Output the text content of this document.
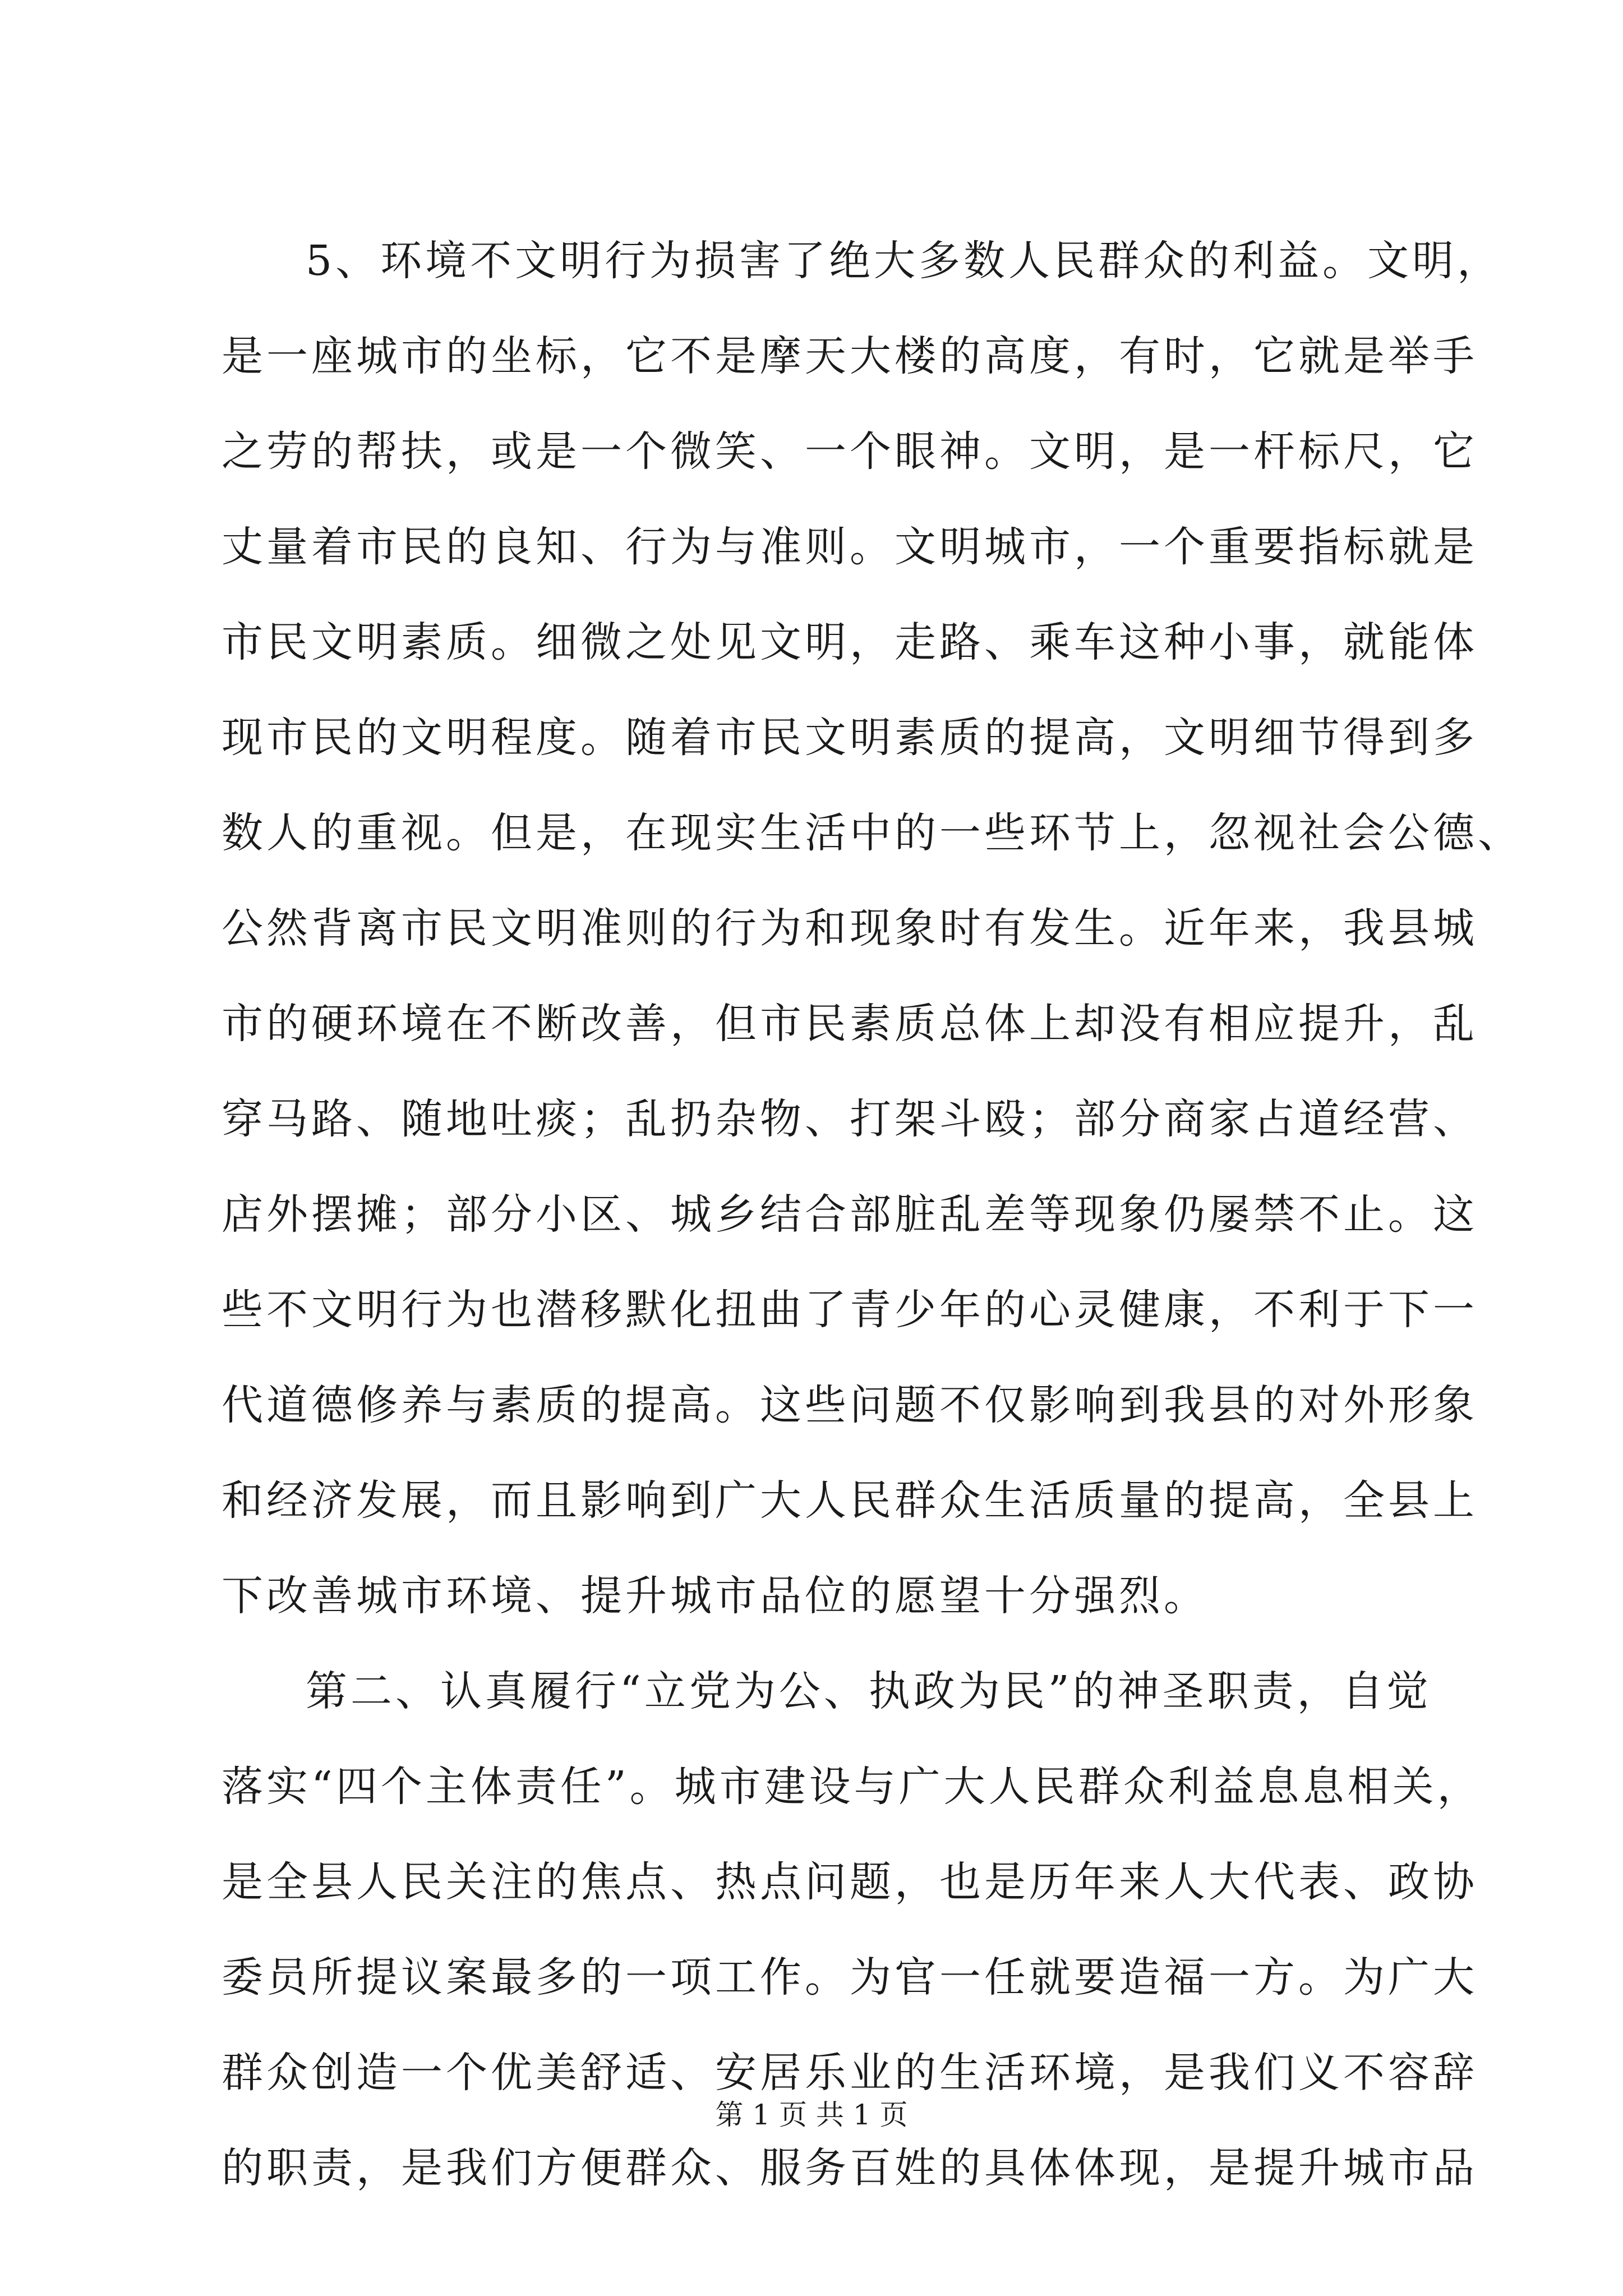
5、环境不文明行为损害了绝大多数人民群众的利益。文明，
是一座城市的坐标，它不是摩天大楼的高度，有时，它就是举手
之劳的帮扶，或是一个微笑、一个眼神。文明，是一杆标尺，它
丈量着市民的良知、行为与准则。文明城市，一个重要指标就是
市民文明素质。细微之处见文明，走路、乘车这种小事，就能体
现市民的文明程度。随着市民文明素质的提高，文明细节得到多
数人的重视。但是，在现实生活中的一些环节上，忽视社会公德、
公然背离市民文明准则的行为和现象时有发生。近年来，我县城
市的硬环境在不断改善，但市民素质总体上却没有相应提升，乱
穿马路、随地吐痰；乱扔杂物、打架斗殴；部分商家占道经营、
店外摆摊；部分小区、城乡结合部脏乱差等现象仍屡禁不止。这
些不文明行为也潜移默化扭曲了青少年的心灵健康，不利于下一
代道德修养与素质的提高。这些问题不仅影响到我县的对外形象
和经济发展，而且影响到广大人民群众生活质量的提高，全县上
下改善城市环境、提升城市品位的愿望十分强烈。
第二、认真履行“立党为公、执政为民”的神圣职责，自觉
落实“四个主体责任”。城市建设与广大人民群众利益息息相关，
是全县人民关注的焦点、热点问题，也是历年来人大代表、政协
委员所提议案最多的一项工作。为官一任就要造福一方。为广大
群众创造一个优美舒适、安居乐业的生活环境，是我们义不容辞
的职责，是我们方便群众、服务百姓的具体体现，是提升城市品
第 1 页 共 1 页
